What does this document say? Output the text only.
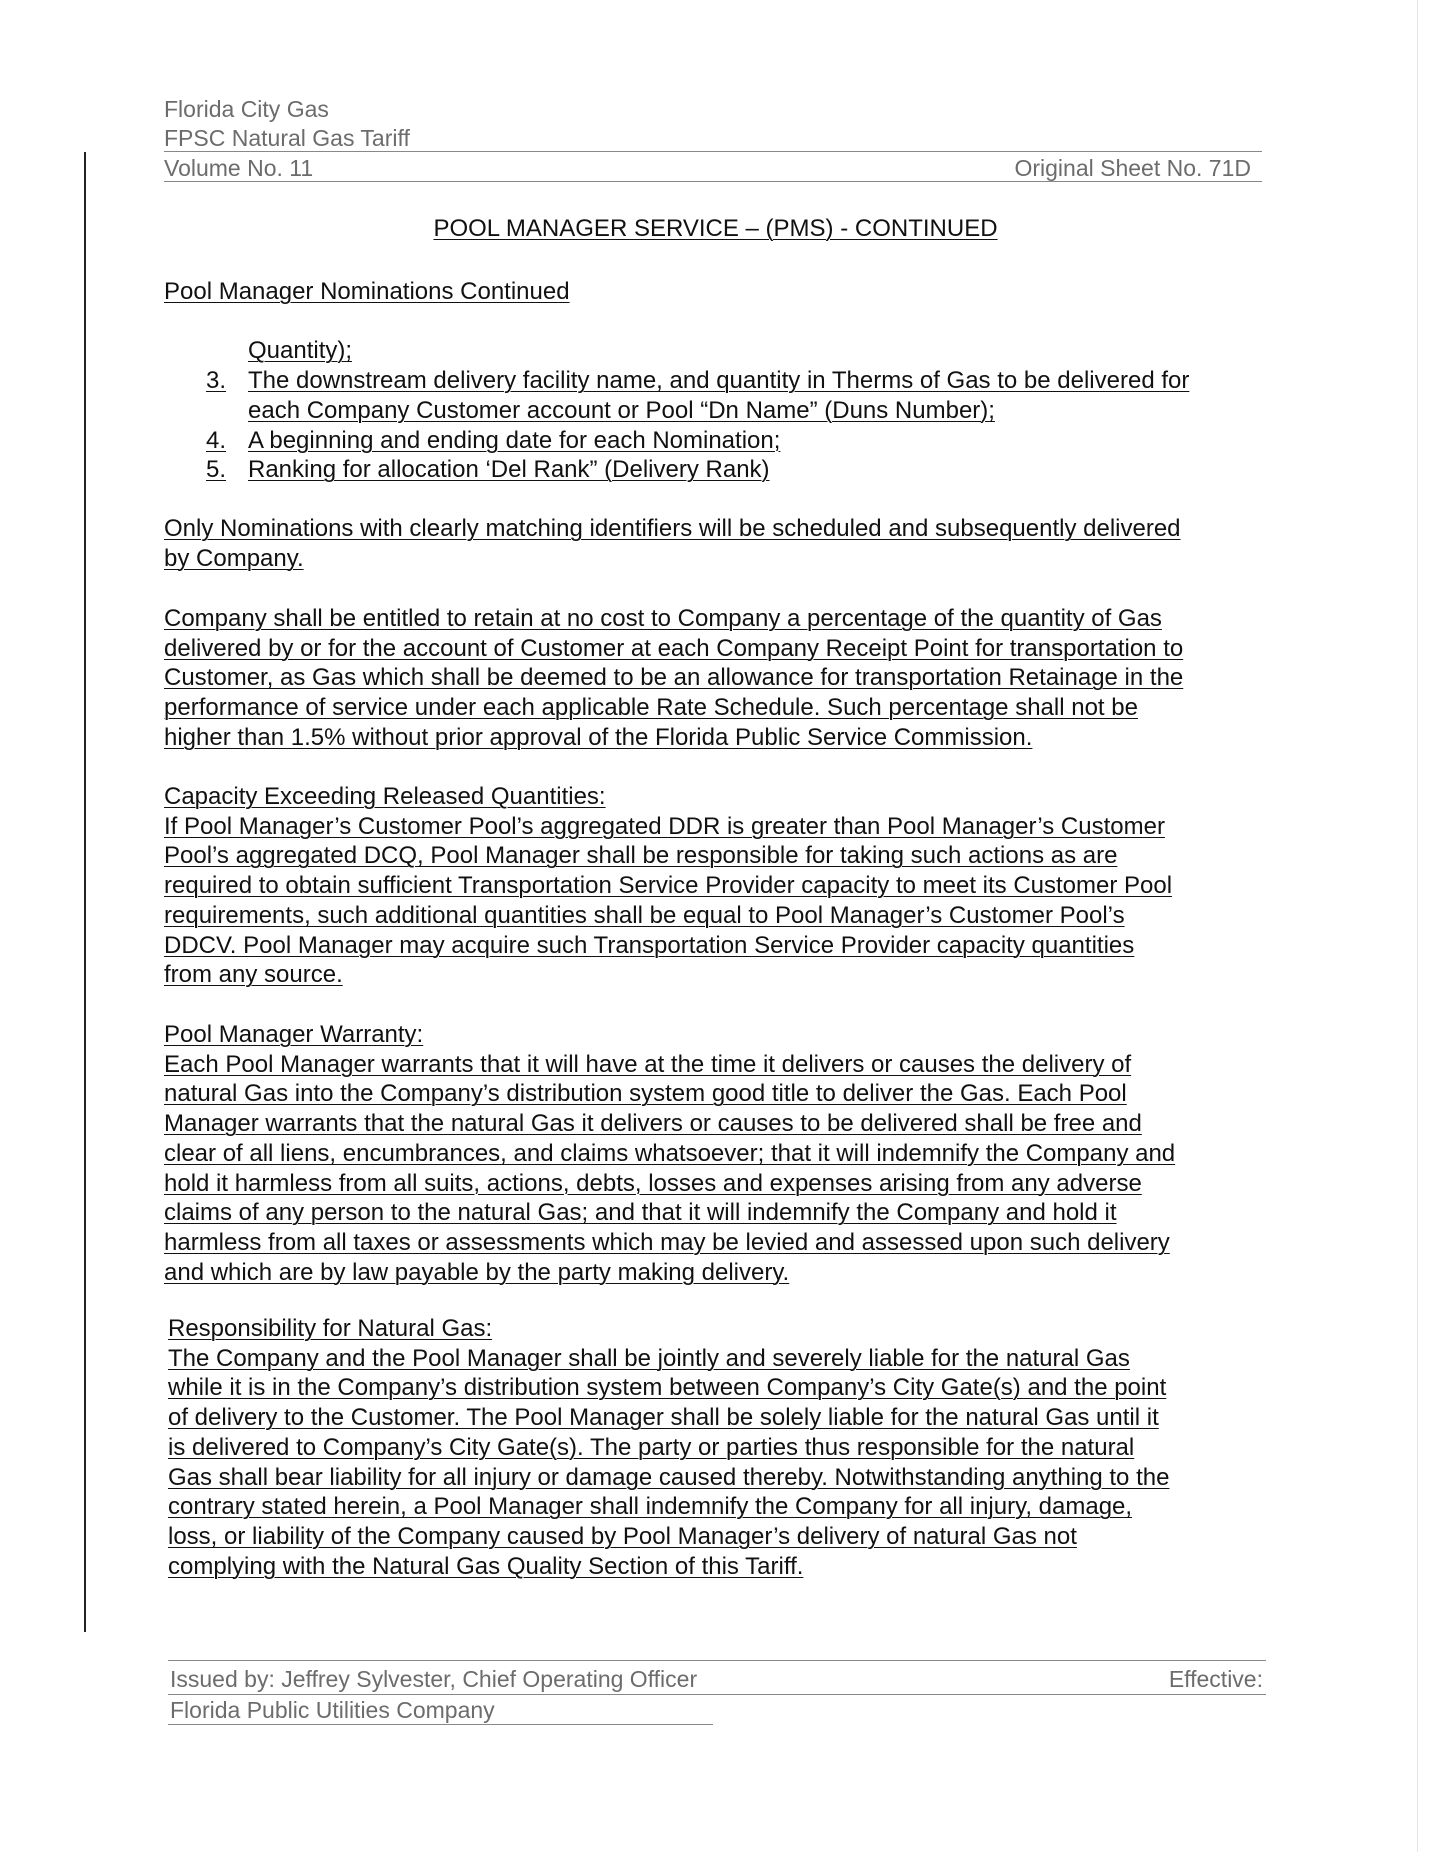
Florida City Gas
FPSC Natural Gas Tariff
Volume No. 11	Original Sheet No. 71D
POOL MANAGER SERVICE – (PMS) - CONTINUED

Pool Manager Nominations Continued

Quantity);

3. The downstream delivery facility name, and quantity in Therms of Gas to be delivered for

each Company Customer account or Pool “Dn Name” (Duns Number);

4. A beginning and ending date for each Nomination;

5. Ranking for allocation ‘Del Rank” (Delivery Rank)

Only Nominations with clearly matching identifiers will be scheduled and subsequently delivered

by Company.

Company shall be entitled to retain at no cost to Company a percentage of the quantity of Gas

delivered by or for the account of Customer at each Company Receipt Point for transportation to

Customer, as Gas which shall be deemed to be an allowance for transportation Retainage in the

performance of service under each applicable Rate Schedule. Such percentage shall not be

higher than 1.5% without prior approval of the Florida Public Service Commission.

Capacity Exceeding Released Quantities:

If Pool Manager’s Customer Pool’s aggregated DDR is greater than Pool Manager’s Customer

Pool’s aggregated DCQ, Pool Manager shall be responsible for taking such actions as are

required to obtain sufficient Transportation Service Provider capacity to meet its Customer Pool

requirements, such additional quantities shall be equal to Pool Manager’s Customer Pool’s

DDCV. Pool Manager may acquire such Transportation Service Provider capacity quantities

from any source.

Pool Manager Warranty:

Each Pool Manager warrants that it will have at the time it delivers or causes the delivery of

natural Gas into the Company’s distribution system good title to deliver the Gas. Each Pool

Manager warrants that the natural Gas it delivers or causes to be delivered shall be free and

clear of all liens, encumbrances, and claims whatsoever; that it will indemnify the Company and

hold it harmless from all suits, actions, debts, losses and expenses arising from any adverse

claims of any person to the natural Gas; and that it will indemnify the Company and hold it

harmless from all taxes or assessments which may be levied and assessed upon such delivery

and which are by law payable by the party making delivery.

Responsibility for Natural Gas:

The Company and the Pool Manager shall be jointly and severely liable for the natural Gas

while it is in the Company’s distribution system between Company’s City Gate(s) and the point

of delivery to the Customer. The Pool Manager shall be solely liable for the natural Gas until it

is delivered to Company’s City Gate(s). The party or parties thus responsible for the natural

Gas shall bear liability for all injury or damage caused thereby. Notwithstanding anything to the

contrary stated herein, a Pool Manager shall indemnify the Company for all injury, damage,

loss, or liability of the Company caused by Pool Manager’s delivery of natural Gas not

complying with the Natural Gas Quality Section of this Tariff.

Issued by: Jeffrey Sylvester, Chief Operating Officer	Effective:
Florida Public Utilities Company
